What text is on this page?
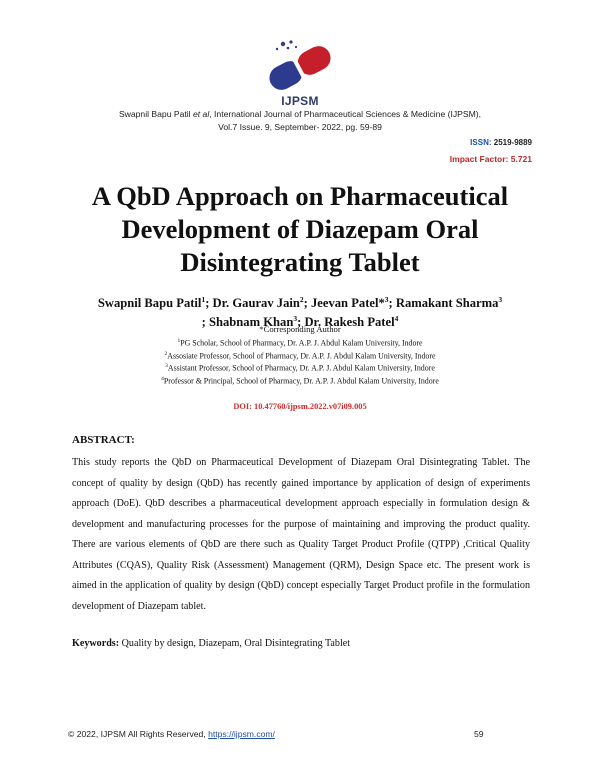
IJPSM
Swapnil Bapu Patil et al, International Journal of Pharmaceutical Sciences & Medicine (IJPSM),
Vol.7 Issue. 9, September- 2022, pg. 59-89
ISSN: 2519-9889
Impact Factor: 5.721
A QbD Approach on Pharmaceutical Development of Diazepam Oral Disintegrating Tablet
Swapnil Bapu Patil$^1$; Dr. Gaurav Jain$^2$; Jeevan Patel*$^3$; Ramakant Sharma$^3$
; Shabnam Khan$^3$; Dr. Rakesh Patel$^4$
*Corresponding Author
$^1$PG Scholar, School of Pharmacy, Dr. A.P. J. Abdul Kalam University, Indore
$^2$Assosiate Professor, School of Pharmacy, Dr. A.P. J. Abdul Kalam University, Indore
$^3$Assistant Professor, School of Pharmacy, Dr. A.P. J. Abdul Kalam University, Indore
$^4$Professor & Principal, School of Pharmacy, Dr. A.P. J. Abdul Kalam University, Indore
DOI: 10.47760/ijpsm.2022.v07i09.005
ABSTRACT:

This study reports the QbD on Pharmaceutical Development of Diazepam Oral Disintegrating Tablet. The concept of quality by design (QbD) has recently gained importance by application of design of experiments approach (DoE). QbD describes a pharmaceutical development approach especially in formulation design & development and manufacturing processes for the purpose of maintaining and improving the product quality. There are various elements of QbD are there such as Quality Target Product Profile (QTPP) ,Critical Quality Attributes (CQAS), Quality Risk (Assessment) Management (QRM), Design Space etc. The present work is aimed in the application of quality by design (QbD) concept especially Target Product profile in the formulation development of Diazepam tablet.

Keywords: Quality by design, Diazepam, Oral Disintegrating Tablet
© 2022, IJPSM All Rights Reserved, https://ijpsm.com/	59
